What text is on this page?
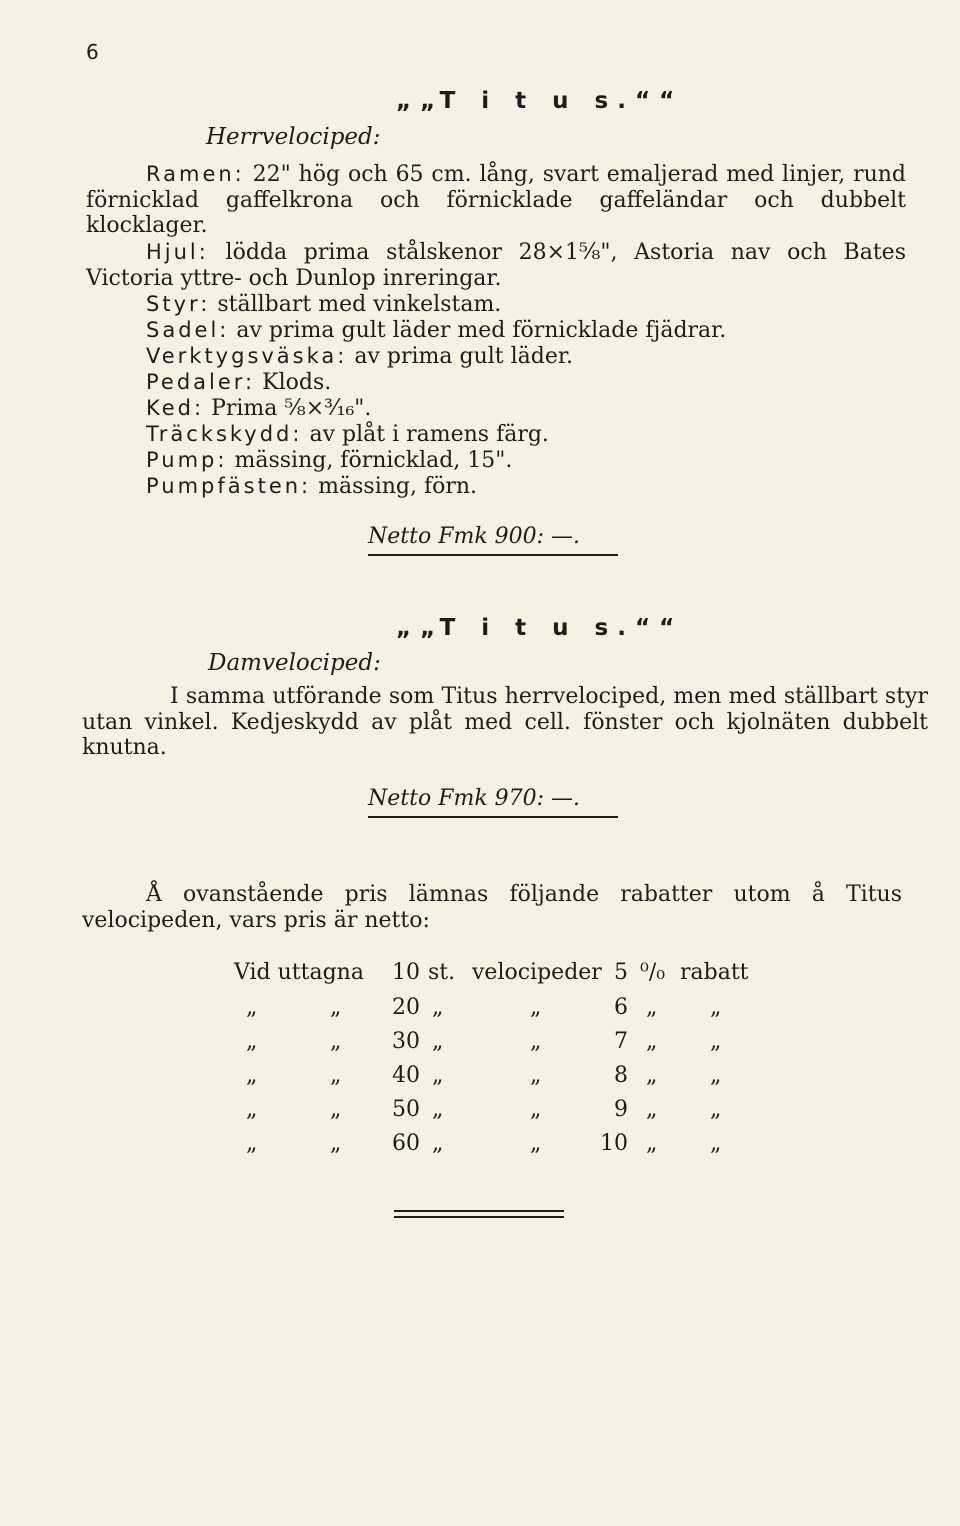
6
„„T i t u s.““
Herrvelociped:
Ramen: 22" hög och 65 cm. lång, svart emaljerad med linjer, rund förnicklad gaffelkrona och förnicklade gaffeländar och dubbelt klocklager.
Hjul: lödda prima stålskenor 28×1⁵⁄₈", Astoria nav och Bates Victoria yttre- och Dunlop inreringar.
Styr: ställbart med vinkelstam.
Sadel: av prima gult läder med förnicklade fjädrar.
Verktygsväska: av prima gult läder.
Pedaler: Klods.
Ked: Prima ⁵⁄₈×³⁄₁₆".
Träckskydd: av plåt i ramens färg.
Pump: mässing, förnicklad, 15".
Pumpfästen: mässing, förn.
Netto Fmk 900: —.
„„T i t u s.““
Damvelociped:
I samma utförande som Titus herrvelociped, men med ställbart styr utan vinkel. Kedjeskydd av plåt med cell. fönster och kjolnäten dubbelt knutna.
Netto Fmk 970: —.
Å ovanstående pris lämnas följande rabatter utom å Titus velocipeden, vars pris är netto:
Vid uttagna 10 st. velocipeder 5 ⁰/₀ rabatt
„	„ 20 „	„	6 „ „
„	„ 30 „	„	7 „ „
„	„ 40 „	„	8 „ „
„	„ 50 „	„	9 „ „
„	„ 60 „	„	10 „ „
